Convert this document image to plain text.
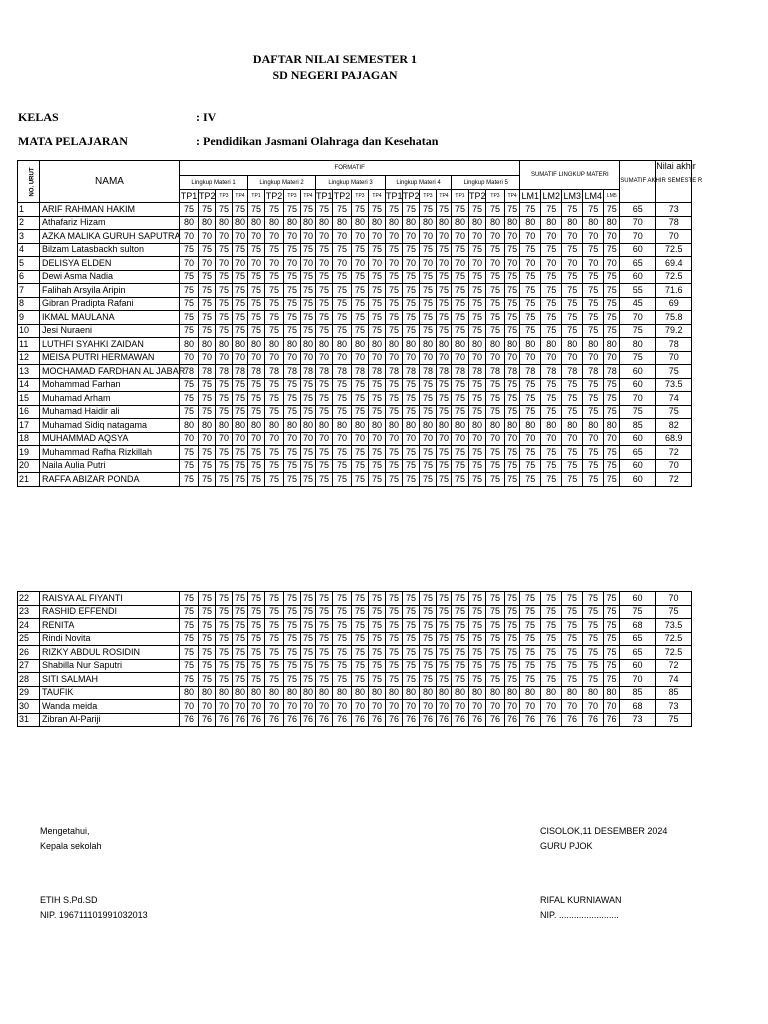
DAFTAR NILAI SEMESTER 1
SD NEGERI PAJAGAN
KELAS	: IV
MATA PELAJARAN	: Pendidikan Jasmani Olahraga dan Kesehatan
NO. URUT	NAMA	FORMATIF																				SUMATIF LINGKUP MATERI					SUMATIF AKHIR SEMESTE R	Nilai akhir
		Lingkup Materi 1				Lingkup Materi 2				Lingkup Materi 3				Lingkup Materi 4				Lingkup Materi 5										
		TP1	TP2	TP3	TP4	TP1	TP2	TP3	TP4	TP1	TP2	TP3	TP4	TP1	TP2	TP3	TP4	TP1	TP2	TP3	TP4	LM1	LM2	LM3	LM4	LM5		
1	ARIF RAHMAN HAKIM	75	75	75	75	75	75	75	75	75	75	75	75	75	75	75	75	75	75	75	75	75	75	75	75	75	65	73
2	Athafariz Hizam	80	80	80	80	80	80	80	80	80	80	80	80	80	80	80	80	80	80	80	80	80	80	80	80	80	70	78
3	AZKA MALIKA GURUH SAPUTRA	70	70	70	70	70	70	70	70	70	70	70	70	70	70	70	70	70	70	70	70	70	70	70	70	70	70	70
4	Bilzam Latasbackh sulton	75	75	75	75	75	75	75	75	75	75	75	75	75	75	75	75	75	75	75	75	75	75	75	75	75	60	72.5
5	DELISYA ELDEN	70	70	70	70	70	70	70	70	70	70	70	70	70	70	70	70	70	70	70	70	70	70	70	70	70	65	69.4
6	Dewi Asma Nadia	75	75	75	75	75	75	75	75	75	75	75	75	75	75	75	75	75	75	75	75	75	75	75	75	75	60	72.5
7	Falihah Arsyila Aripin	75	75	75	75	75	75	75	75	75	75	75	75	75	75	75	75	75	75	75	75	75	75	75	75	75	55	71.6
8	Gibran Pradipta Rafani	75	75	75	75	75	75	75	75	75	75	75	75	75	75	75	75	75	75	75	75	75	75	75	75	75	45	69
9	IKMAL MAULANA	75	75	75	75	75	75	75	75	75	75	75	75	75	75	75	75	75	75	75	75	75	75	75	75	75	70	75.8
10	Jesi Nuraeni	75	75	75	75	75	75	75	75	75	75	75	75	75	75	75	75	75	75	75	75	75	75	75	75	75	75	79.2
11	LUTHFI SYAHKI ZAIDAN	80	80	80	80	80	80	80	80	80	80	80	80	80	80	80	80	80	80	80	80	80	80	80	80	80	80	78
12	MEISA PUTRI HERMAWAN	70	70	70	70	70	70	70	70	70	70	70	70	70	70	70	70	70	70	70	70	70	70	70	70	70	75	70
13	MOCHAMAD FARDHAN AL JABAR	78	78	78	78	78	78	78	78	78	78	78	78	78	78	78	78	78	78	78	78	78	78	78	78	78	60	75
14	Mohammad Farhan	75	75	75	75	75	75	75	75	75	75	75	75	75	75	75	75	75	75	75	75	75	75	75	75	75	60	73.5
15	Muhamad Arham	75	75	75	75	75	75	75	75	75	75	75	75	75	75	75	75	75	75	75	75	75	75	75	75	75	70	74
16	Muhamad Haidir ali	75	75	75	75	75	75	75	75	75	75	75	75	75	75	75	75	75	75	75	75	75	75	75	75	75	75	75
17	Muhamad Sidiq natagama	80	80	80	80	80	80	80	80	80	80	80	80	80	80	80	80	80	80	80	80	80	80	80	80	80	85	82
18	MUHAMMAD AQSYA	70	70	70	70	70	70	70	70	70	70	70	70	70	70	70	70	70	70	70	70	70	70	70	70	70	60	68.9
19	Muhammad Rafha Rizkillah	75	75	75	75	75	75	75	75	75	75	75	75	75	75	75	75	75	75	75	75	75	75	75	75	75	65	72
20	Naila Aulia Putri	75	75	75	75	75	75	75	75	75	75	75	75	75	75	75	75	75	75	75	75	75	75	75	75	75	60	70
21	RAFFA ABIZAR PONDA	75	75	75	75	75	75	75	75	75	75	75	75	75	75	75	75	75	75	75	75	75	75	75	75	75	60	72
22	RAISYA AL FIYANTI	75	75	75	75	75	75	75	75	75	75	75	75	75	75	75	75	75	75	75	75	75	75	75	75	75	60	70
23	RASHID EFFENDI	75	75	75	75	75	75	75	75	75	75	75	75	75	75	75	75	75	75	75	75	75	75	75	75	75	75	75
24	RENITA	75	75	75	75	75	75	75	75	75	75	75	75	75	75	75	75	75	75	75	75	75	75	75	75	75	68	73.5
25	Rindi Novita	75	75	75	75	75	75	75	75	75	75	75	75	75	75	75	75	75	75	75	75	75	75	75	75	75	65	72.5
26	RIZKY ABDUL ROSIDIN	75	75	75	75	75	75	75	75	75	75	75	75	75	75	75	75	75	75	75	75	75	75	75	75	75	65	72.5
27	Shabilla Nur Saputri	75	75	75	75	75	75	75	75	75	75	75	75	75	75	75	75	75	75	75	75	75	75	75	75	75	60	72
28	SITI SALMAH	75	75	75	75	75	75	75	75	75	75	75	75	75	75	75	75	75	75	75	75	75	75	75	75	75	70	74
29	TAUFIK	80	80	80	80	80	80	80	80	80	80	80	80	80	80	80	80	80	80	80	80	80	80	80	80	80	85	85
30	Wanda meida	70	70	70	70	70	70	70	70	70	70	70	70	70	70	70	70	70	70	70	70	70	70	70	70	70	68	73
31	Zibran Al-Pariji	76	76	76	76	76	76	76	76	76	76	76	76	76	76	76	76	76	76	76	76	76	76	76	76	76	73	75
Mengetahui,
Kepala sekolah
ETIH S.Pd.SD
NIP. 196711101991032013
CISOLOK,11 DESEMBER 2024
GURU PJOK
RIFAL KURNIAWAN
NIP. ........................
